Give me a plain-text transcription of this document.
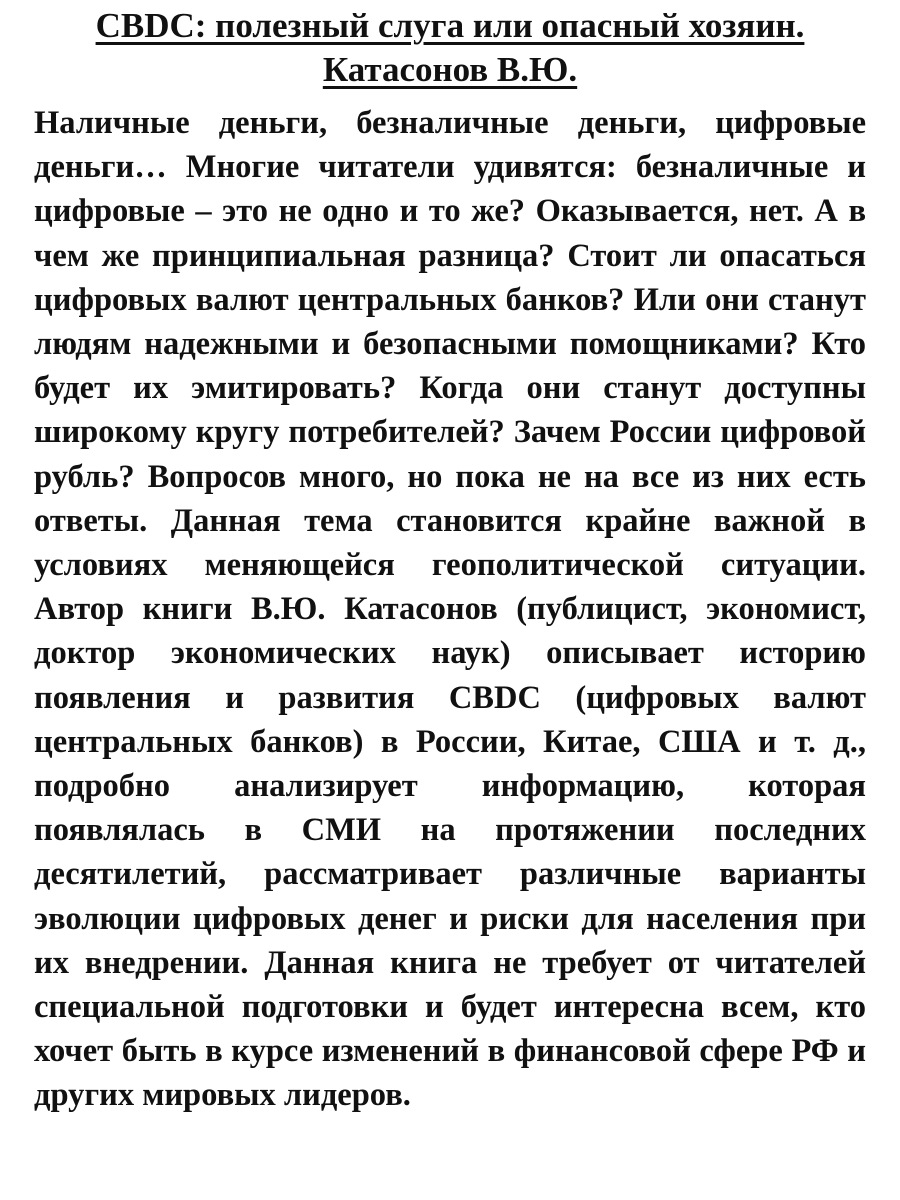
CBDC: полезный слуга или опасный хозяин.
Катасонов В.Ю.

Наличные деньги, безналичные деньги, цифровые деньги… Многие читатели удивятся: безналичные и цифровые – это не одно и то же? Оказывается, нет. А в чем же принципиальная разница? Стоит ли опасаться цифровых валют центральных банков? Или они станут людям надежными и безопасными помощниками? Кто будет их эмитировать? Когда они станут доступны широкому кругу потребителей? Зачем России цифровой рубль? Вопросов много, но пока не на все из них есть ответы. Данная тема становится крайне важной в условиях меняющейся геополитической ситуации. Автор книги В.Ю. Катасонов (публицист, экономист, доктор экономических наук) описывает историю появления и развития CBDC (цифровых валют центральных банков) в России, Китае, США и т. д., подробно анализирует информацию, которая появлялась в СМИ на протяжении последних десятилетий, рассматривает различные варианты эволюции цифровых денег и риски для населения при их внедрении. Данная книга не требует от читателей специальной подготовки и будет интересна всем, кто хочет быть в курсе изменений в финансовой сфере РФ и других мировых лидеров.
